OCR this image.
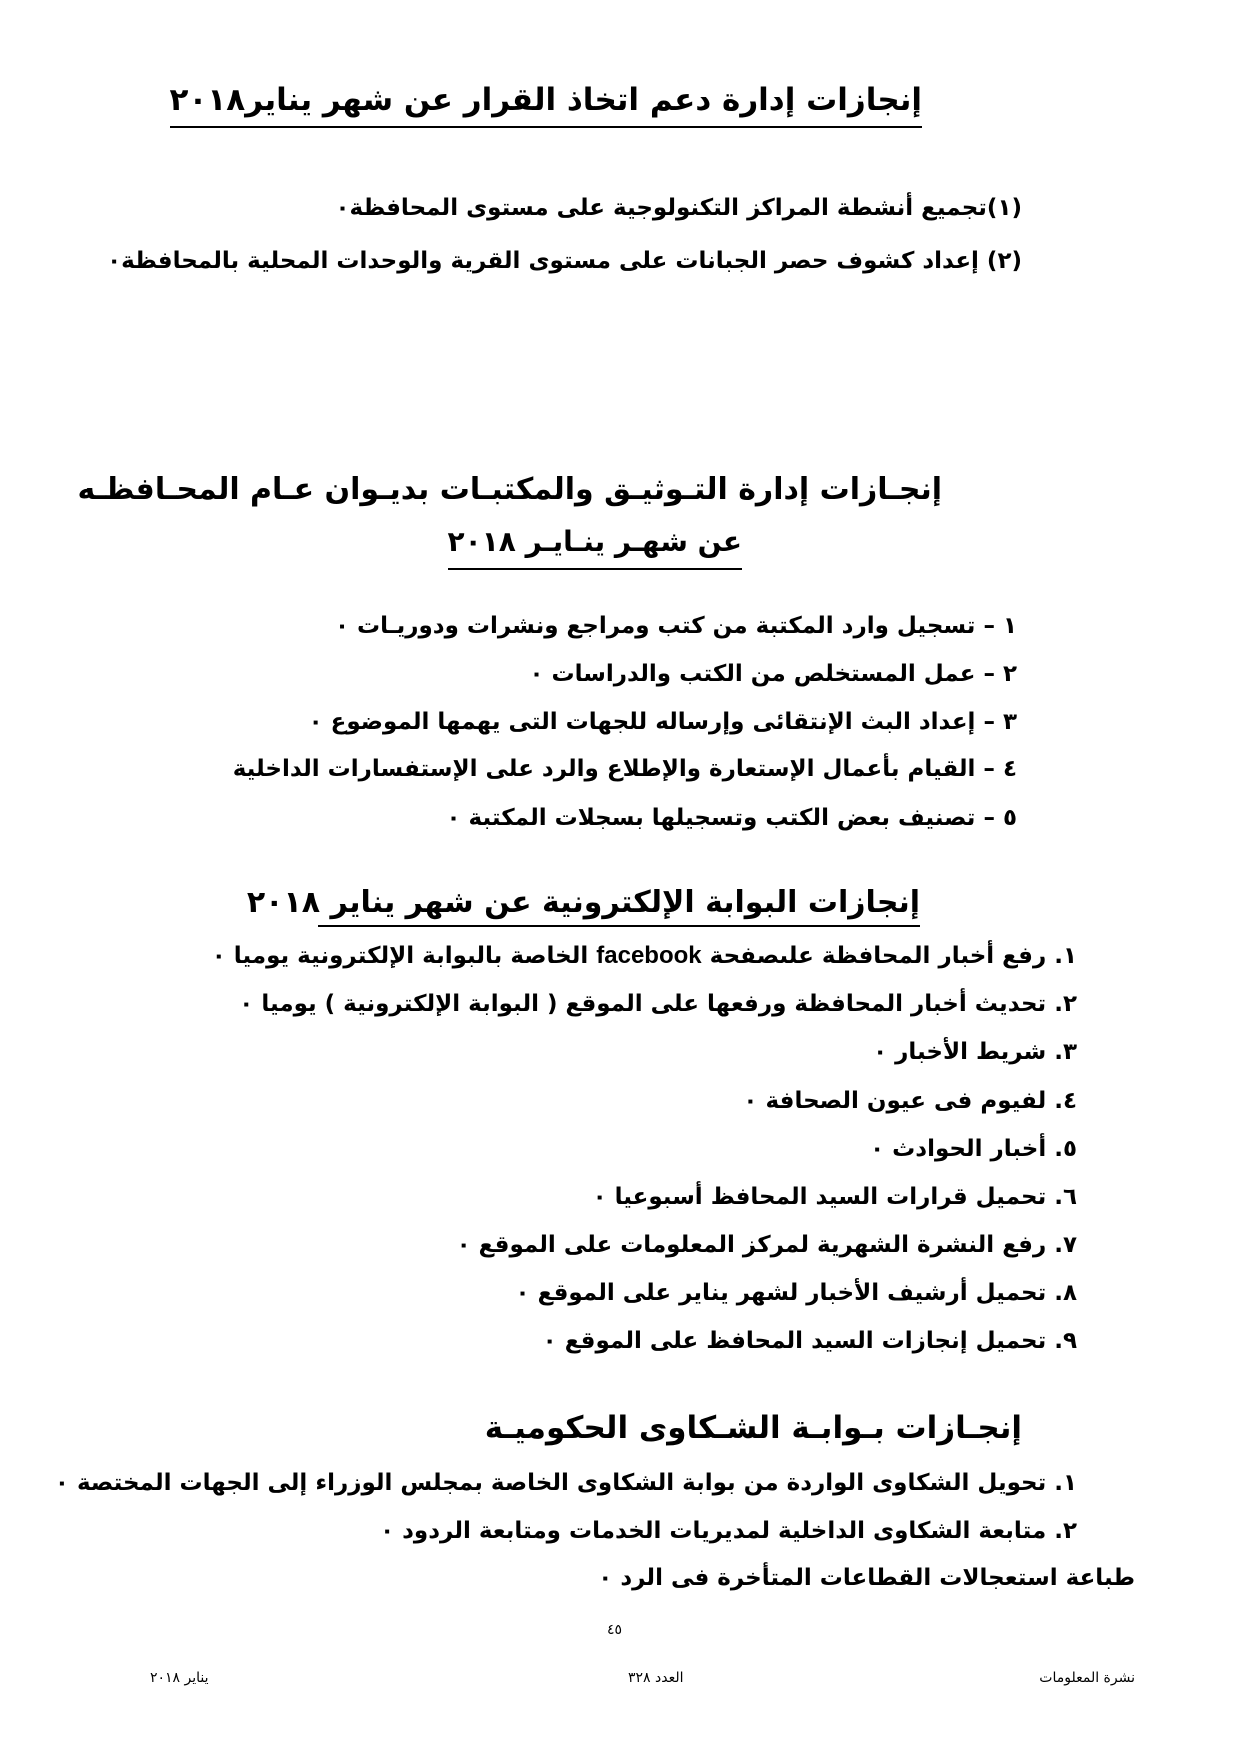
إنجازات إدارة دعم اتخاذ القرار عن شهر يناير٢٠١٨
(١)تجميع أنشطة المراكز التكنولوجية على مستوى المحافظة٠
(٢) إعداد كشوف حصر الجبانات على مستوى القرية والوحدات المحلية بالمحافظة٠
إنجـازات إدارة التـوثيـق والمكتبـات بديـوان عـام المحـافظـه
عن شهـر ينـايـر ٢٠١٨
١ – تسجيل وارد المكتبة من كتب ومراجع ونشرات ودوريـات ٠
٢ – عمل المستخلص من الكتب والدراسات ٠
٣ – إعداد البث الإنتقائى وإرساله للجهات التى يهمها الموضوع ٠
٤ – القيام بأعمال الإستعارة والإطلاع والرد على الإستفسارات الداخلية
٥ – تصنيف بعض الكتب وتسجيلها بسجلات المكتبة ٠
إنجازات البوابة الإلكترونية عن شهر يناير ٢٠١٨
١. رفع أخبار المحافظة علىصفحة facebook الخاصة بالبوابة الإلكترونية يوميا ٠
٢. تحديث أخبار المحافظة ورفعها على الموقع ( البوابة الإلكترونية ) يوميا ٠
٣. شريط الأخبار ٠
٤. لفيوم فى عيون الصحافة ٠
٥. أخبار الحوادث ٠
٦. تحميل قرارات السيد المحافظ أسبوعيا ٠
٧. رفع النشرة الشهرية لمركز المعلومات على الموقع ٠
٨. تحميل أرشيف الأخبار لشهر يناير على الموقع ٠
٩. تحميل إنجازات السيد المحافظ على الموقع ٠
إنجـازات بـوابـة الشـكاوى الحكوميـة
١. تحويل الشكاوى الواردة من بوابة الشكاوى الخاصة بمجلس الوزراء إلى الجهات المختصة ٠
٢. متابعة الشكاوى الداخلية لمديريات الخدمات ومتابعة الردود ٠
طباعة استعجالات القطاعات المتأخرة فى الرد ٠
٤٥
نشرة المعلومات
العدد ٣٢٨
يناير ٢٠١٨
